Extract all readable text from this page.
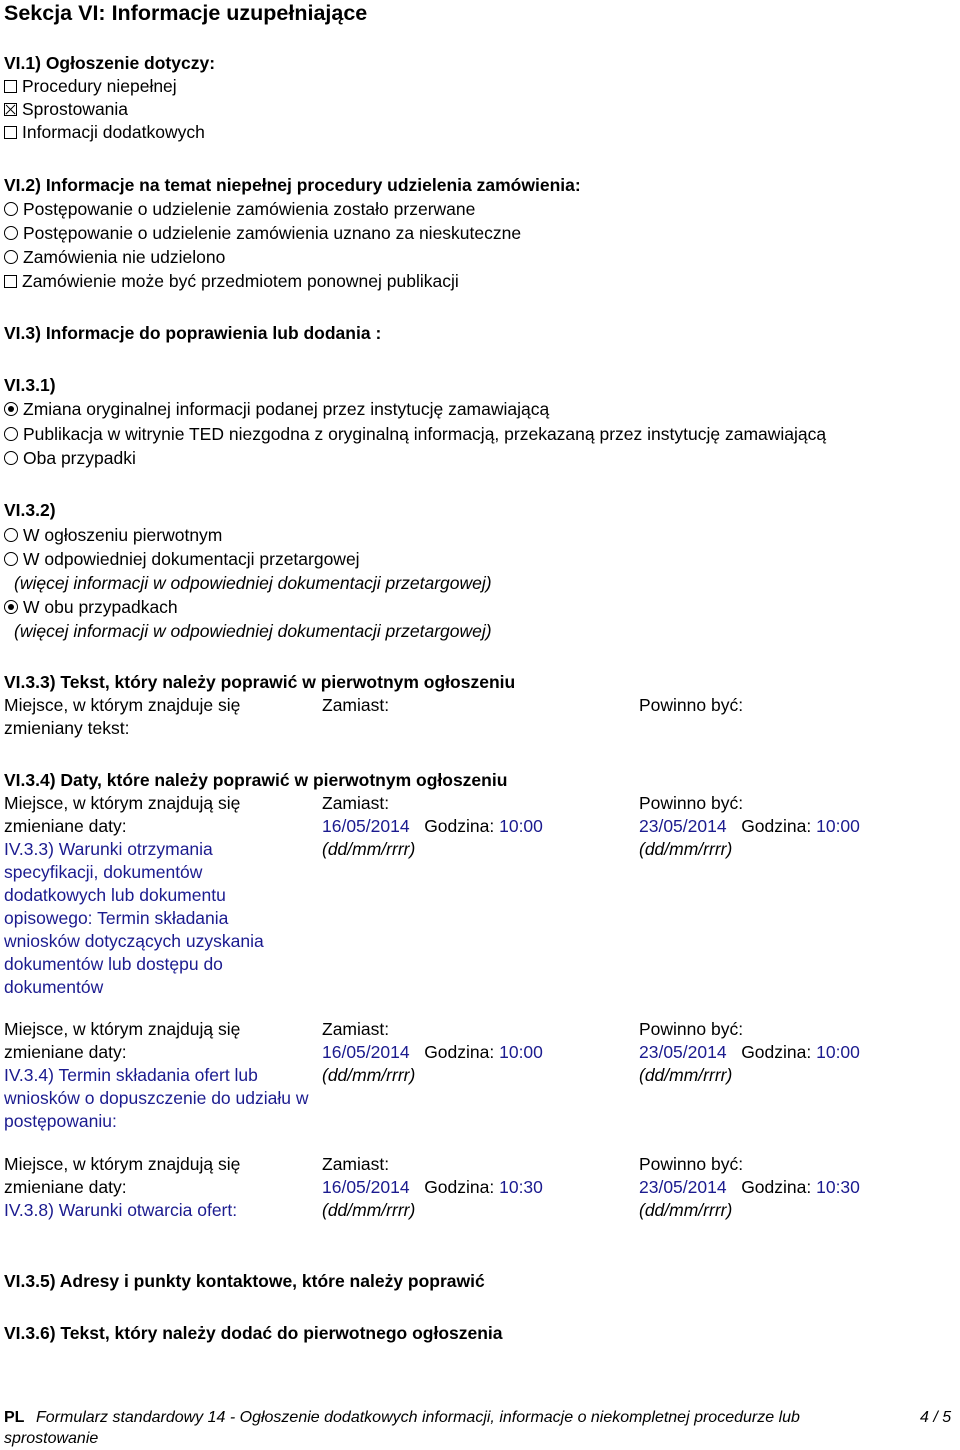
Sekcja VI: Informacje uzupełniające
VI.1) Ogłoszenie dotyczy:
Procedury niepełnej
Sprostowania
Informacji dodatkowych
VI.2) Informacje na temat niepełnej procedury udzielenia zamówienia:
Postępowanie o udzielenie zamówienia zostało przerwane
Postępowanie o udzielenie zamówienia uznano za nieskuteczne
Zamówienia nie udzielono
Zamówienie może być przedmiotem ponownej publikacji
VI.3) Informacje do poprawienia lub dodania :
VI.3.1)
Zmiana oryginalnej informacji podanej przez instytucję zamawiającą
Publikacja w witrynie TED niezgodna z oryginalną informacją, przekazaną przez instytucję zamawiającą
Oba przypadki
VI.3.2)
W ogłoszeniu pierwotnym
W odpowiedniej dokumentacji przetargowej
(więcej informacji w odpowiedniej dokumentacji przetargowej)
W obu przypadkach
(więcej informacji w odpowiedniej dokumentacji przetargowej)
VI.3.3) Tekst, który należy poprawić w pierwotnym ogłoszeniu
Miejsce, w którym znajduje się
zmieniany tekst:
Zamiast:	Powinno być:
VI.3.4) Daty, które należy poprawić w pierwotnym ogłoszeniu
Miejsce, w którym znajdują się
zmieniane daty:
IV.3.3) Warunki otrzymania specyfikacji, dokumentów dodatkowych lub dokumentu opisowego: Termin składania wniosków dotyczących uzyskania dokumentów lub dostępu do dokumentów
Zamiast:
16/05/2014 Godzina: 10:00
(dd/mm/rrrr)
Powinno być:
23/05/2014 Godzina: 10:00
(dd/mm/rrrr)
Miejsce, w którym znajdują się
zmieniane daty:
IV.3.4) Termin składania ofert lub wniosków o dopuszczenie do udziału w postępowaniu:
Zamiast:
16/05/2014 Godzina: 10:00
(dd/mm/rrrr)
Powinno być:
23/05/2014 Godzina: 10:00
(dd/mm/rrrr)
Miejsce, w którym znajdują się
zmieniane daty:
IV.3.8) Warunki otwarcia ofert:
Zamiast:
16/05/2014 Godzina: 10:30
(dd/mm/rrrr)
Powinno być:
23/05/2014 Godzina: 10:30
(dd/mm/rrrr)
VI.3.5) Adresy i punkty kontaktowe, które należy poprawić
VI.3.6) Tekst, który należy dodać do pierwotnego ogłoszenia
PL Formularz standardowy 14 - Ogłoszenie dodatkowych informacji, informacje o niekompletnej procedurze lub
sprostowanie
4 / 5
